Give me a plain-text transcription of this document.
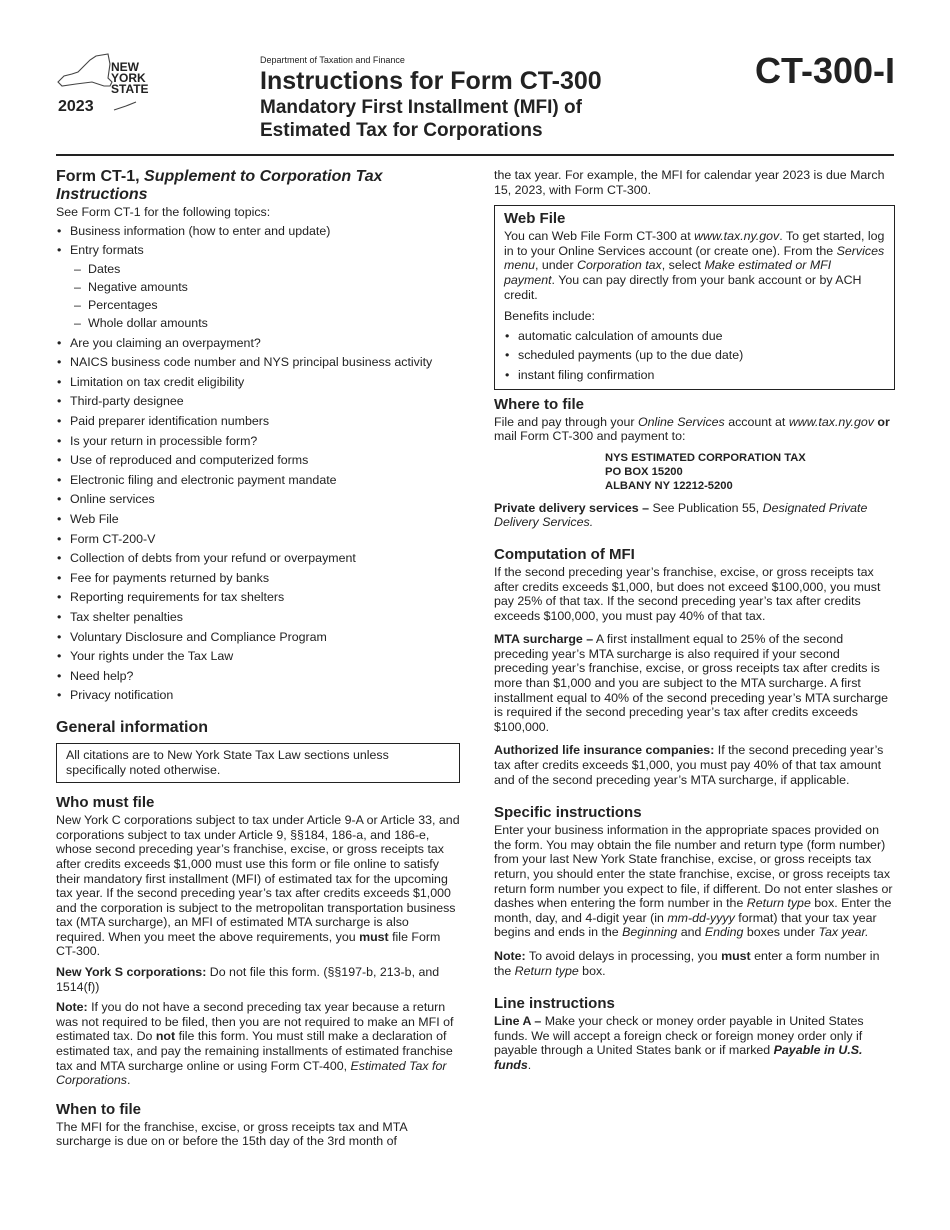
NEW YORK STATE
2023
Department of Taxation and Finance
Instructions for Form CT-300
Mandatory First Installment (MFI) of
Estimated Tax for Corporations
CT-300-I
Form CT-1, Supplement to Corporation Tax Instructions

See Form CT-1 for the following topics:

• Business information (how to enter and update)
• Entry formats
– Dates
– Negative amounts
– Percentages
– Whole dollar amounts
• Are you claiming an overpayment?
• NAICS business code number and NYS principal business activity
• Limitation on tax credit eligibility
• Third-party designee
• Paid preparer identification numbers
• Is your return in processible form?
• Use of reproduced and computerized forms
• Electronic filing and electronic payment mandate
• Online services
• Web File
• Form CT-200-V
• Collection of debts from your refund or overpayment
• Fee for payments returned by banks
• Reporting requirements for tax shelters
• Tax shelter penalties
• Voluntary Disclosure and Compliance Program
• Your rights under the Tax Law
• Need help?
• Privacy notification
General information

All citations are to New York State Tax Law sections unless specifically noted otherwise.

Who must file

New York C corporations subject to tax under Article 9-A or Article 33, and corporations subject to tax under Article 9, §§184, 186-a, and 186-e, whose second preceding year’s franchise, excise, or gross receipts tax after credits exceeds $1,000 must use this form or file online to satisfy their mandatory first installment (MFI) of estimated tax for the upcoming tax year. If the second preceding year’s tax after credits exceeds $1,000 and the corporation is subject to the metropolitan transportation business tax (MTA surcharge), an MFI of estimated MTA surcharge is also required. When you meet the above requirements, you must file Form CT-300.

New York S corporations: Do not file this form. (§§197-b, 213-b, and 1514(f))

Note: If you do not have a second preceding tax year because a return was not required to be filed, then you are not required to make an MFI of estimated tax. Do not file this form. You must still make a declaration of estimated tax, and pay the remaining installments of estimated franchise tax and MTA surcharge online or using Form CT-400, Estimated Tax for Corporations.

When to file

The MFI for the franchise, excise, or gross receipts tax and MTA surcharge is due on or before the 15th day of the 3rd month of

the tax year. For example, the MFI for calendar year 2023 is due March 15, 2023, with Form CT-300.

Web File

You can Web File Form CT-300 at www.tax.ny.gov. To get started, log in to your Online Services account (or create one). From the Services menu, under Corporation tax, select Make estimated or MFI payment. You can pay directly from your bank account or by ACH credit.

Benefits include:

• automatic calculation of amounts due
• scheduled payments (up to the due date)
• instant filing confirmation
Where to file

File and pay through your Online Services account at www.tax.ny.gov or mail Form CT-300 and payment to:

NYS ESTIMATED CORPORATION TAX
PO BOX 15200
ALBANY NY 12212-5200

Private delivery services – See Publication 55, Designated Private Delivery Services.

Computation of MFI

If the second preceding year’s franchise, excise, or gross receipts tax after credits exceeds $1,000, but does not exceed $100,000, you must pay 25% of that tax. If the second preceding year’s tax after credits exceeds $100,000, you must pay 40% of that tax.

MTA surcharge – A first installment equal to 25% of the second preceding year’s MTA surcharge is also required if your second preceding year’s franchise, excise, or gross receipts tax after credits is more than $1,000 and you are subject to the MTA surcharge. A first installment equal to 40% of the second preceding year’s MTA surcharge is required if the second preceding year’s tax after credits exceeds $100,000.

Authorized life insurance companies: If the second preceding year’s tax after credits exceeds $1,000, you must pay 40% of that tax amount and of the second preceding year’s MTA surcharge, if applicable.

Specific instructions

Enter your business information in the appropriate spaces provided on the form. You may obtain the file number and return type (form number) from your last New York State franchise, excise, or gross receipts tax return, you should enter the state franchise, excise, or gross receipts tax return form number you expect to file, if different. Do not enter slashes or dashes when entering the form number in the Return type box. Enter the month, day, and 4-digit year (in mm-dd-yyyy format) that your tax year begins and ends in the Beginning and Ending boxes under Tax year.

Note: To avoid delays in processing, you must enter a form number in the Return type box.

Line instructions

Line A – Make your check or money order payable in United States funds. We will accept a foreign check or foreign money order only if payable through a United States bank or if marked Payable in U.S. funds.
